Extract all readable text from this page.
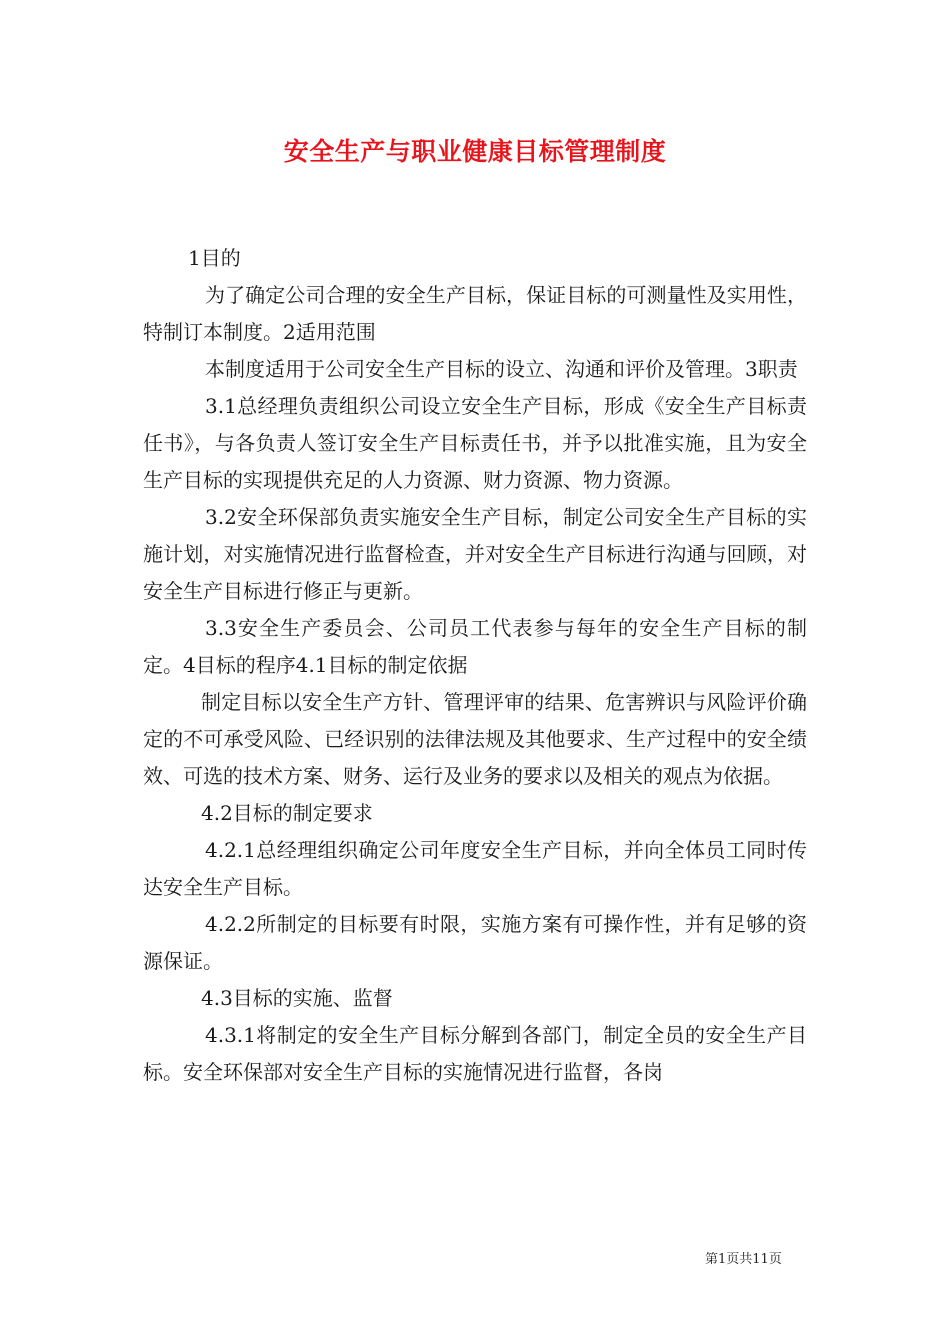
安全生产与职业健康目标管理制度

1目的

为了确定公司合理的安全生产目标，保证目标的可测量性及实用性，特制订本制度。2适用范围

本制度适用于公司安全生产目标的设立、沟通和评价及管理。3职责

3.1总经理负责组织公司设立安全生产目标，形成《安全生产目标责任书》，与各负责人签订安全生产目标责任书，并予以批准实施，且为安全生产目标的实现提供充足的人力资源、财力资源、物力资源。

3.2安全环保部负责实施安全生产目标，制定公司安全生产目标的实施计划，对实施情况进行监督检查，并对安全生产目标进行沟通与回顾，对安全生产目标进行修正与更新。

3.3安全生产委员会、公司员工代表参与每年的安全生产目标的制定。4目标的程序4.1目标的制定依据

制定目标以安全生产方针、管理评审的结果、危害辨识与风险评价确定的不可承受风险、已经识别的法律法规及其他要求、生产过程中的安全绩效、可选的技术方案、财务、运行及业务的要求以及相关的观点为依据。

4.2目标的制定要求

4.2.1总经理组织确定公司年度安全生产目标，并向全体员工同时传达安全生产目标。

4.2.2所制定的目标要有时限，实施方案有可操作性，并有足够的资源保证。

4.3目标的实施、监督

4.3.1将制定的安全生产目标分解到各部门，制定全员的安全生产目标。安全环保部对安全生产目标的实施情况进行监督，各岗

第1页共11页
